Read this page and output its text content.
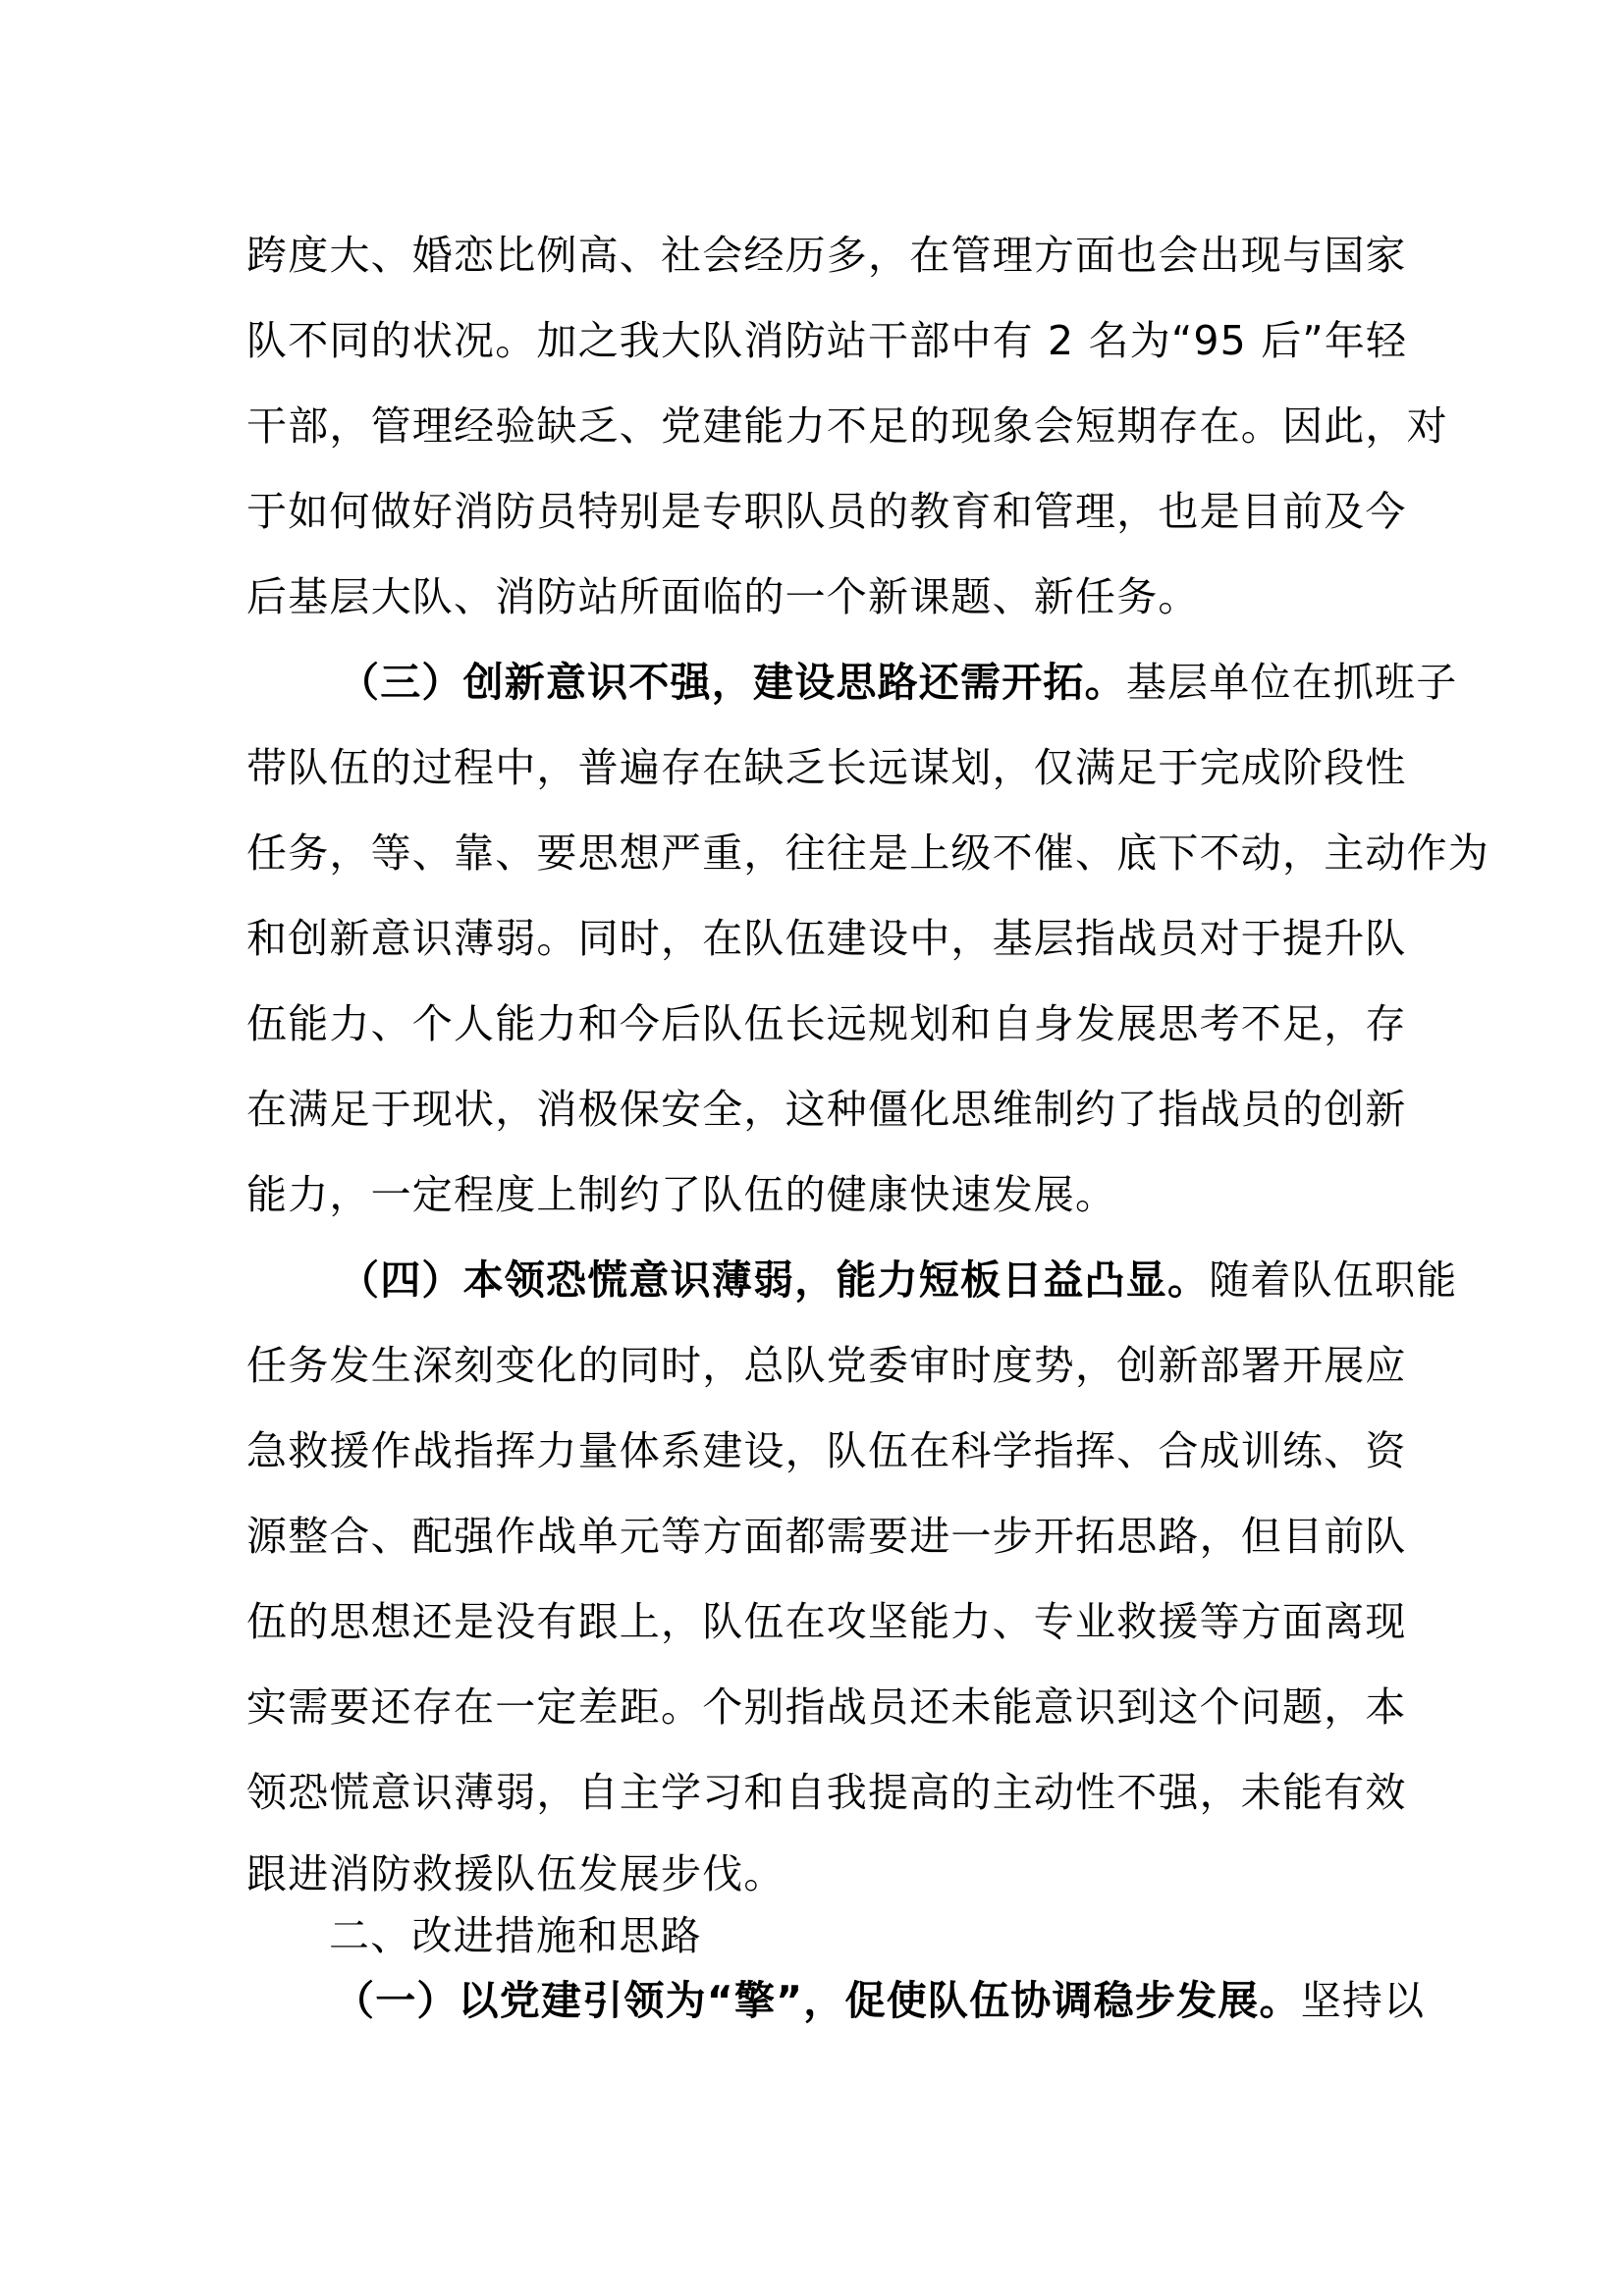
跨度大、婚恋比例高、社会经历多，在管理方面也会出现与国家
队不同的状况。加之我大队消防站干部中有 2 名为“95 后”年轻
干部，管理经验缺乏、党建能力不足的现象会短期存在。因此，对
于如何做好消防员特别是专职队员的教育和管理，也是目前及今
后基层大队、消防站所面临的一个新课题、新任务。
（三）创新意识不强，建设思路还需开拓。基层单位在抓班子
带队伍的过程中，普遍存在缺乏长远谋划，仅满足于完成阶段性
任务，等、靠、要思想严重，往往是上级不催、底下不动，主动作为
和创新意识薄弱。同时，在队伍建设中，基层指战员对于提升队
伍能力、个人能力和今后队伍长远规划和自身发展思考不足，存
在满足于现状，消极保安全，这种僵化思维制约了指战员的创新
能力，一定程度上制约了队伍的健康快速发展。
（四）本领恐慌意识薄弱，能力短板日益凸显。随着队伍职能
任务发生深刻变化的同时，总队党委审时度势，创新部署开展应
急救援作战指挥力量体系建设，队伍在科学指挥、合成训练、资
源整合、配强作战单元等方面都需要进一步开拓思路，但目前队
伍的思想还是没有跟上，队伍在攻坚能力、专业救援等方面离现
实需要还存在一定差距。个别指战员还未能意识到这个问题，本
领恐慌意识薄弱，自主学习和自我提高的主动性不强，未能有效
跟进消防救援队伍发展步伐。
二、改进措施和思路
（一）以党建引领为“擎”，促使队伍协调稳步发展。坚持以
